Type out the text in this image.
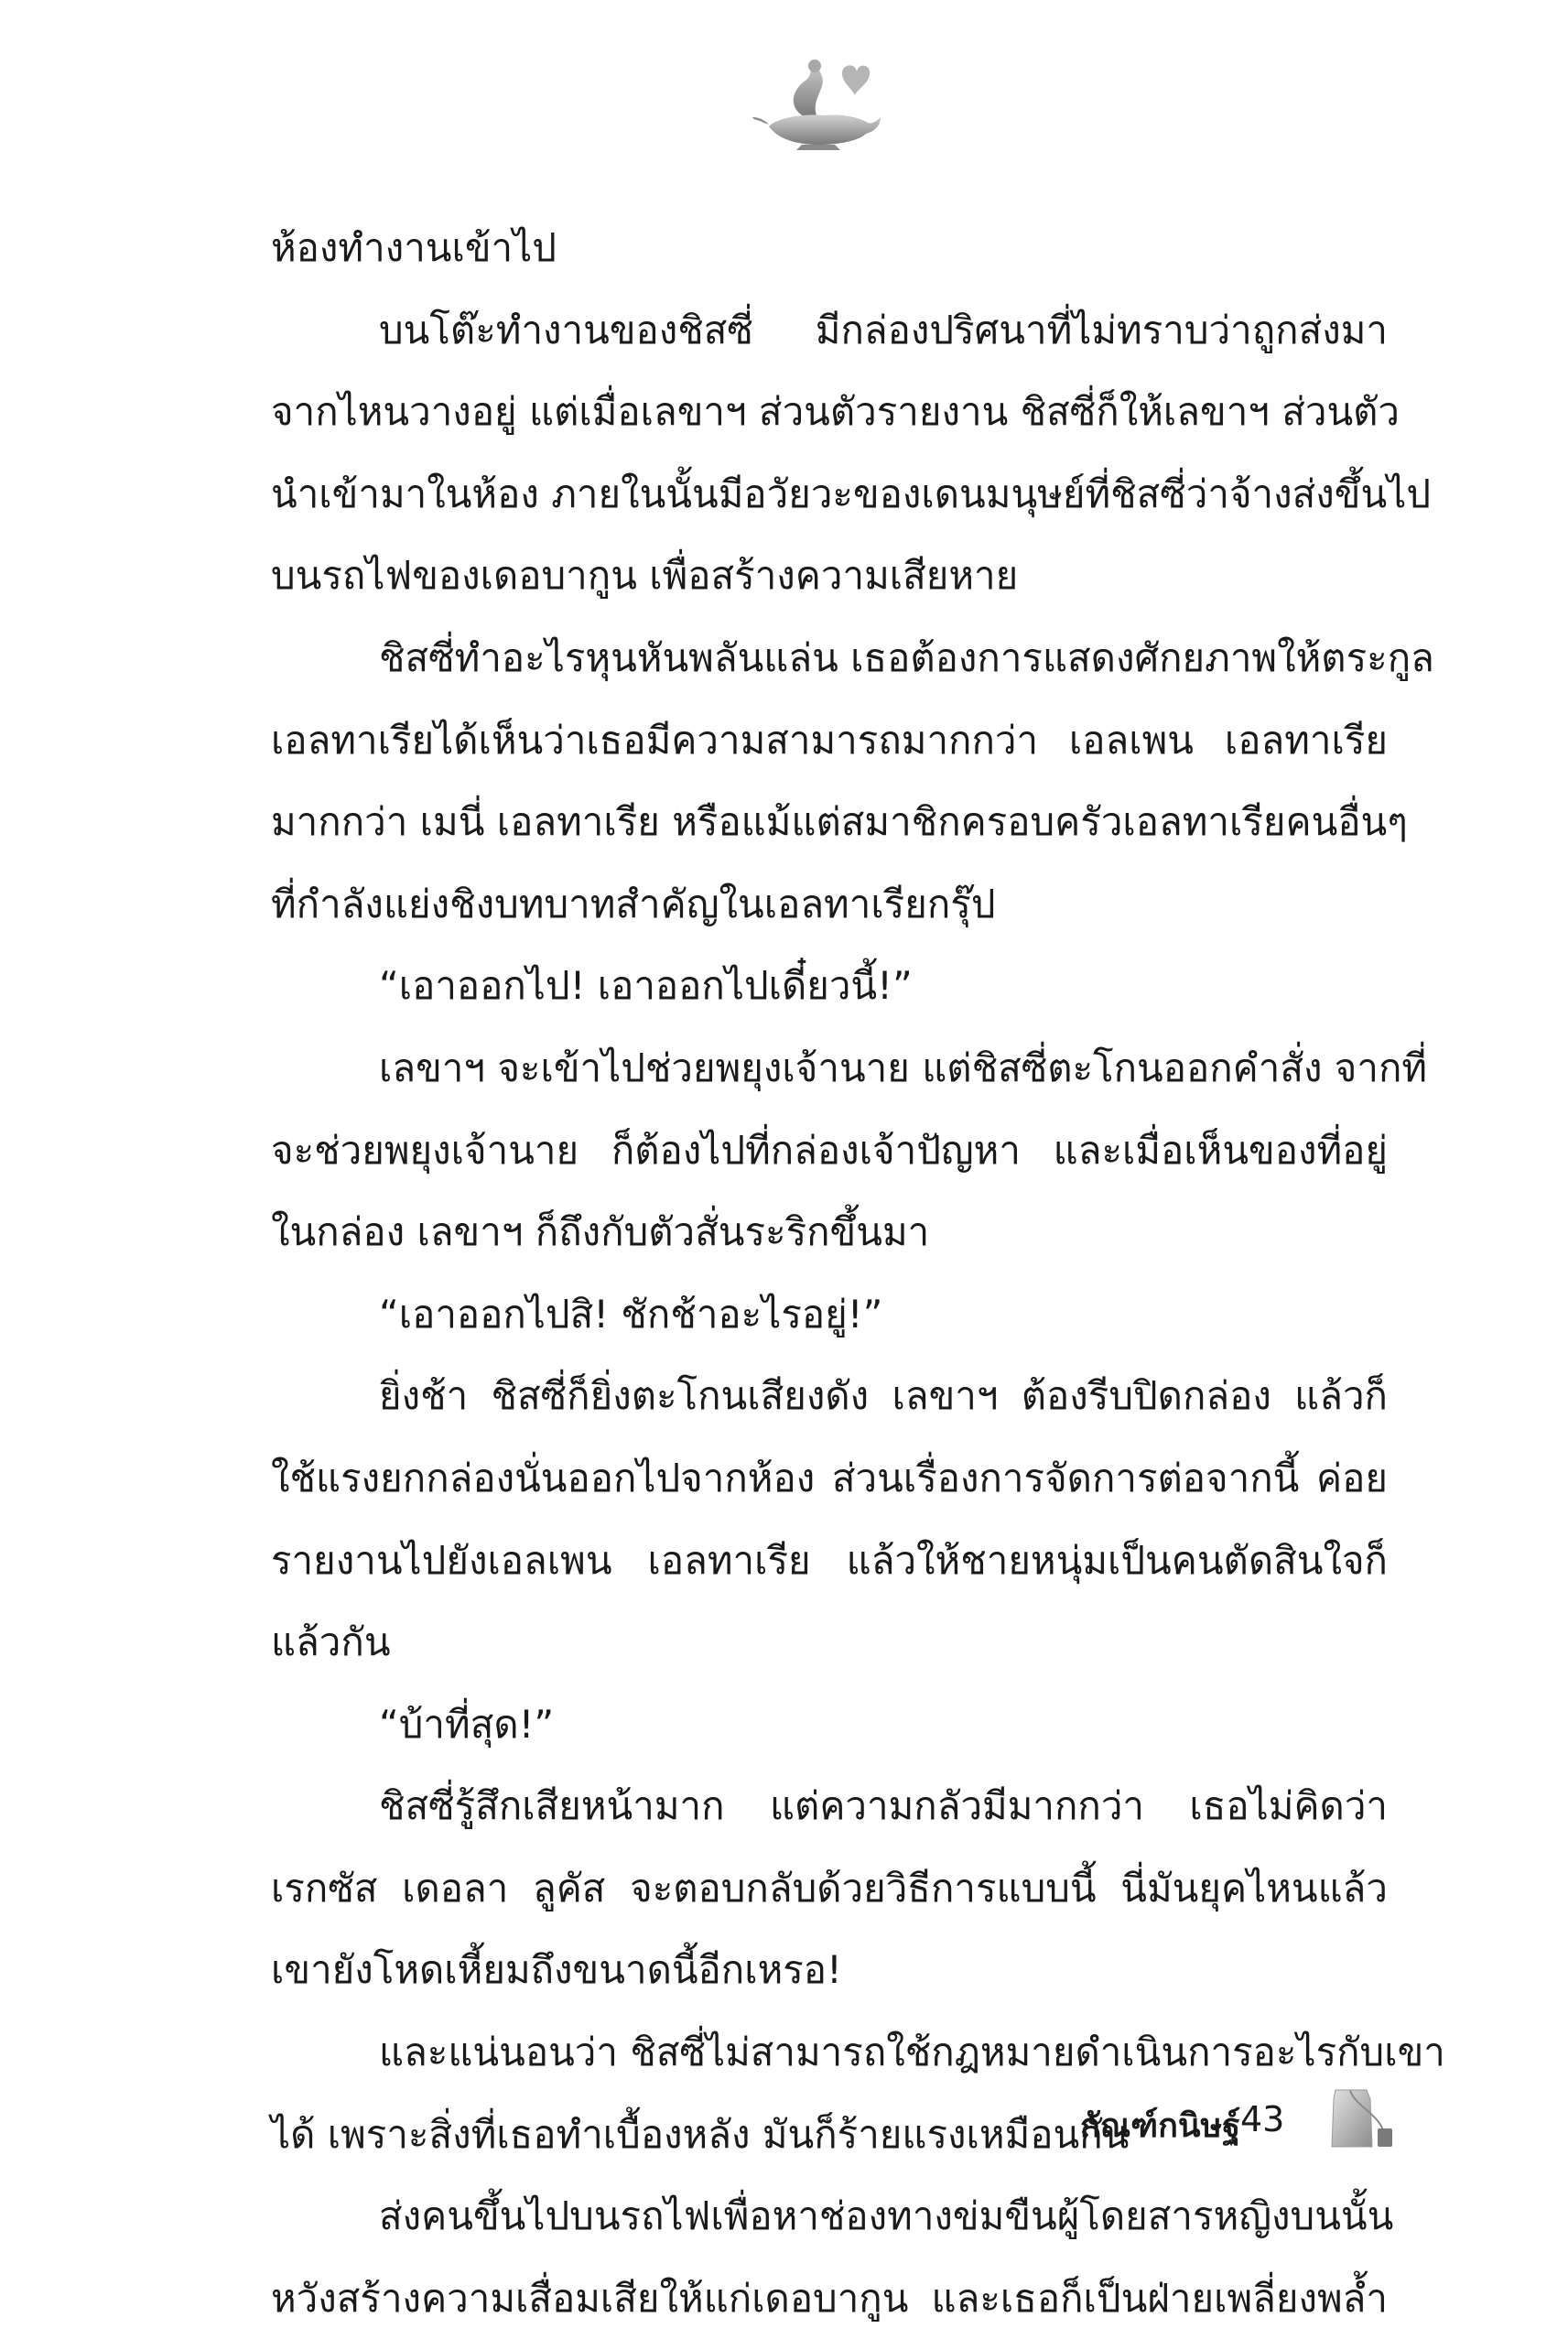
ห้องทำงานเข้าไป
บนโต๊ะทำงานของชิสซี่ มีกล่องปริศนาที่ไม่ทราบว่าถูกส่งมา
จากไหนวางอยู่ แต่เมื่อเลขาฯ ส่วนตัวรายงาน ชิสซี่ก็ให้เลขาฯ ส่วนตัว
นำเข้ามาในห้อง ภายในนั้นมีอวัยวะของเดนมนุษย์ที่ชิสซี่ว่าจ้างส่งขึ้นไป
บนรถไฟของเดอบากูน เพื่อสร้างความเสียหาย
ชิสซี่ทำอะไรหุนหันพลันแล่น เธอต้องการแสดงศักยภาพให้ตระกูล
เอลทาเรียได้เห็นว่าเธอมีความสามารถมากกว่า เอลเพน เอลทาเรีย
มากกว่า เมนี่ เอลทาเรีย หรือแม้แต่สมาชิกครอบครัวเอลทาเรียคนอื่นๆ
ที่กำลังแย่งชิงบทบาทสำคัญในเอลทาเรียกรุ๊ป
“เอาออกไป! เอาออกไปเดี๋ยวนี้!”
เลขาฯ จะเข้าไปช่วยพยุงเจ้านาย แต่ชิสซี่ตะโกนออกคำสั่ง จากที่
จะช่วยพยุงเจ้านาย ก็ต้องไปที่กล่องเจ้าปัญหา และเมื่อเห็นของที่อยู่
ในกล่อง เลขาฯ ก็ถึงกับตัวสั่นระริกขึ้นมา
“เอาออกไปสิ! ชักช้าอะไรอยู่!”
ยิ่งช้า ชิสซี่ก็ยิ่งตะโกนเสียงดัง เลขาฯ ต้องรีบปิดกล่อง แล้วก็
ใช้แรงยกกล่องนั่นออกไปจากห้อง ส่วนเรื่องการจัดการต่อจากนี้ ค่อย
รายงานไปยังเอลเพน เอลทาเรีย แล้วให้ชายหนุ่มเป็นคนตัดสินใจก็
แล้วกัน
“บ้าที่สุด!”
ชิสซี่รู้สึกเสียหน้ามาก แต่ความกลัวมีมากกว่า เธอไม่คิดว่า
เรกซัส เดอลา ลูคัส จะตอบกลับด้วยวิธีการแบบนี้ นี่มันยุคไหนแล้ว
เขายังโหดเหี้ยมถึงขนาดนี้อีกเหรอ!
และแน่นอนว่า ชิสซี่ไม่สามารถใช้กฎหมายดำเนินการอะไรกับเขา
ได้ เพราะสิ่งที่เธอทำเบื้องหลัง มันก็ร้ายแรงเหมือนกัน
ส่งคนขึ้นไปบนรถไฟเพื่อหาช่องทางข่มขืนผู้โดยสารหญิงบนนั้น
หวังสร้างความเสื่อมเสียให้แก่เดอบากูน และเธอก็เป็นฝ่ายเพลี่ยงพล้ำ
กัณฑ์กนิษฐ์ 43
